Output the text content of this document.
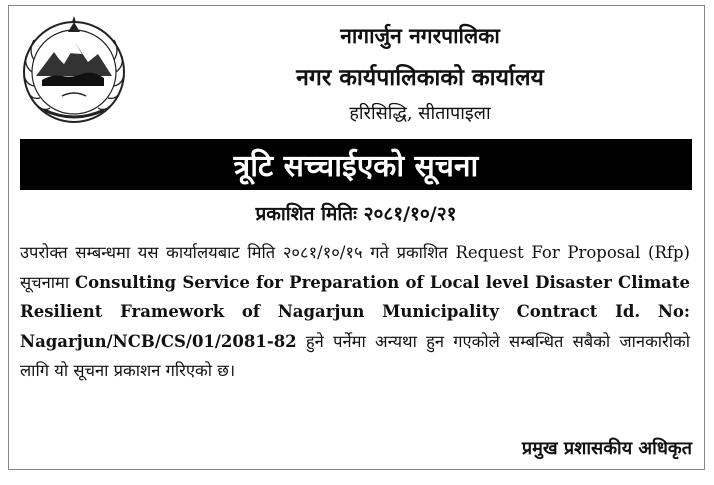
नागार्जुन नगरपालिका
नगर कार्यपालिकाको कार्यालय
हरिसिद्धि, सीतापाइला
त्रूटि सच्चाईएको सूचना
प्रकाशित मितिः २०८१/१०/२१
उपरोक्त सम्बन्धमा यस कार्यालयबाट मिति २०८१/१०/१५ गते प्रकाशित Request For Proposal (Rfp) सूचनामा Consulting Service for Preparation of Local level Disaster Climate Resilient Framework of Nagarjun Municipality Contract Id. No: Nagarjun/NCB/CS/01/2081-82 हुने पर्नेमा अन्यथा हुन गएकोले सम्बन्धित सबैको जानकारीको लागि यो सूचना प्रकाशन गरिएको छ।
प्रमुख प्रशासकीय अधिकृत
